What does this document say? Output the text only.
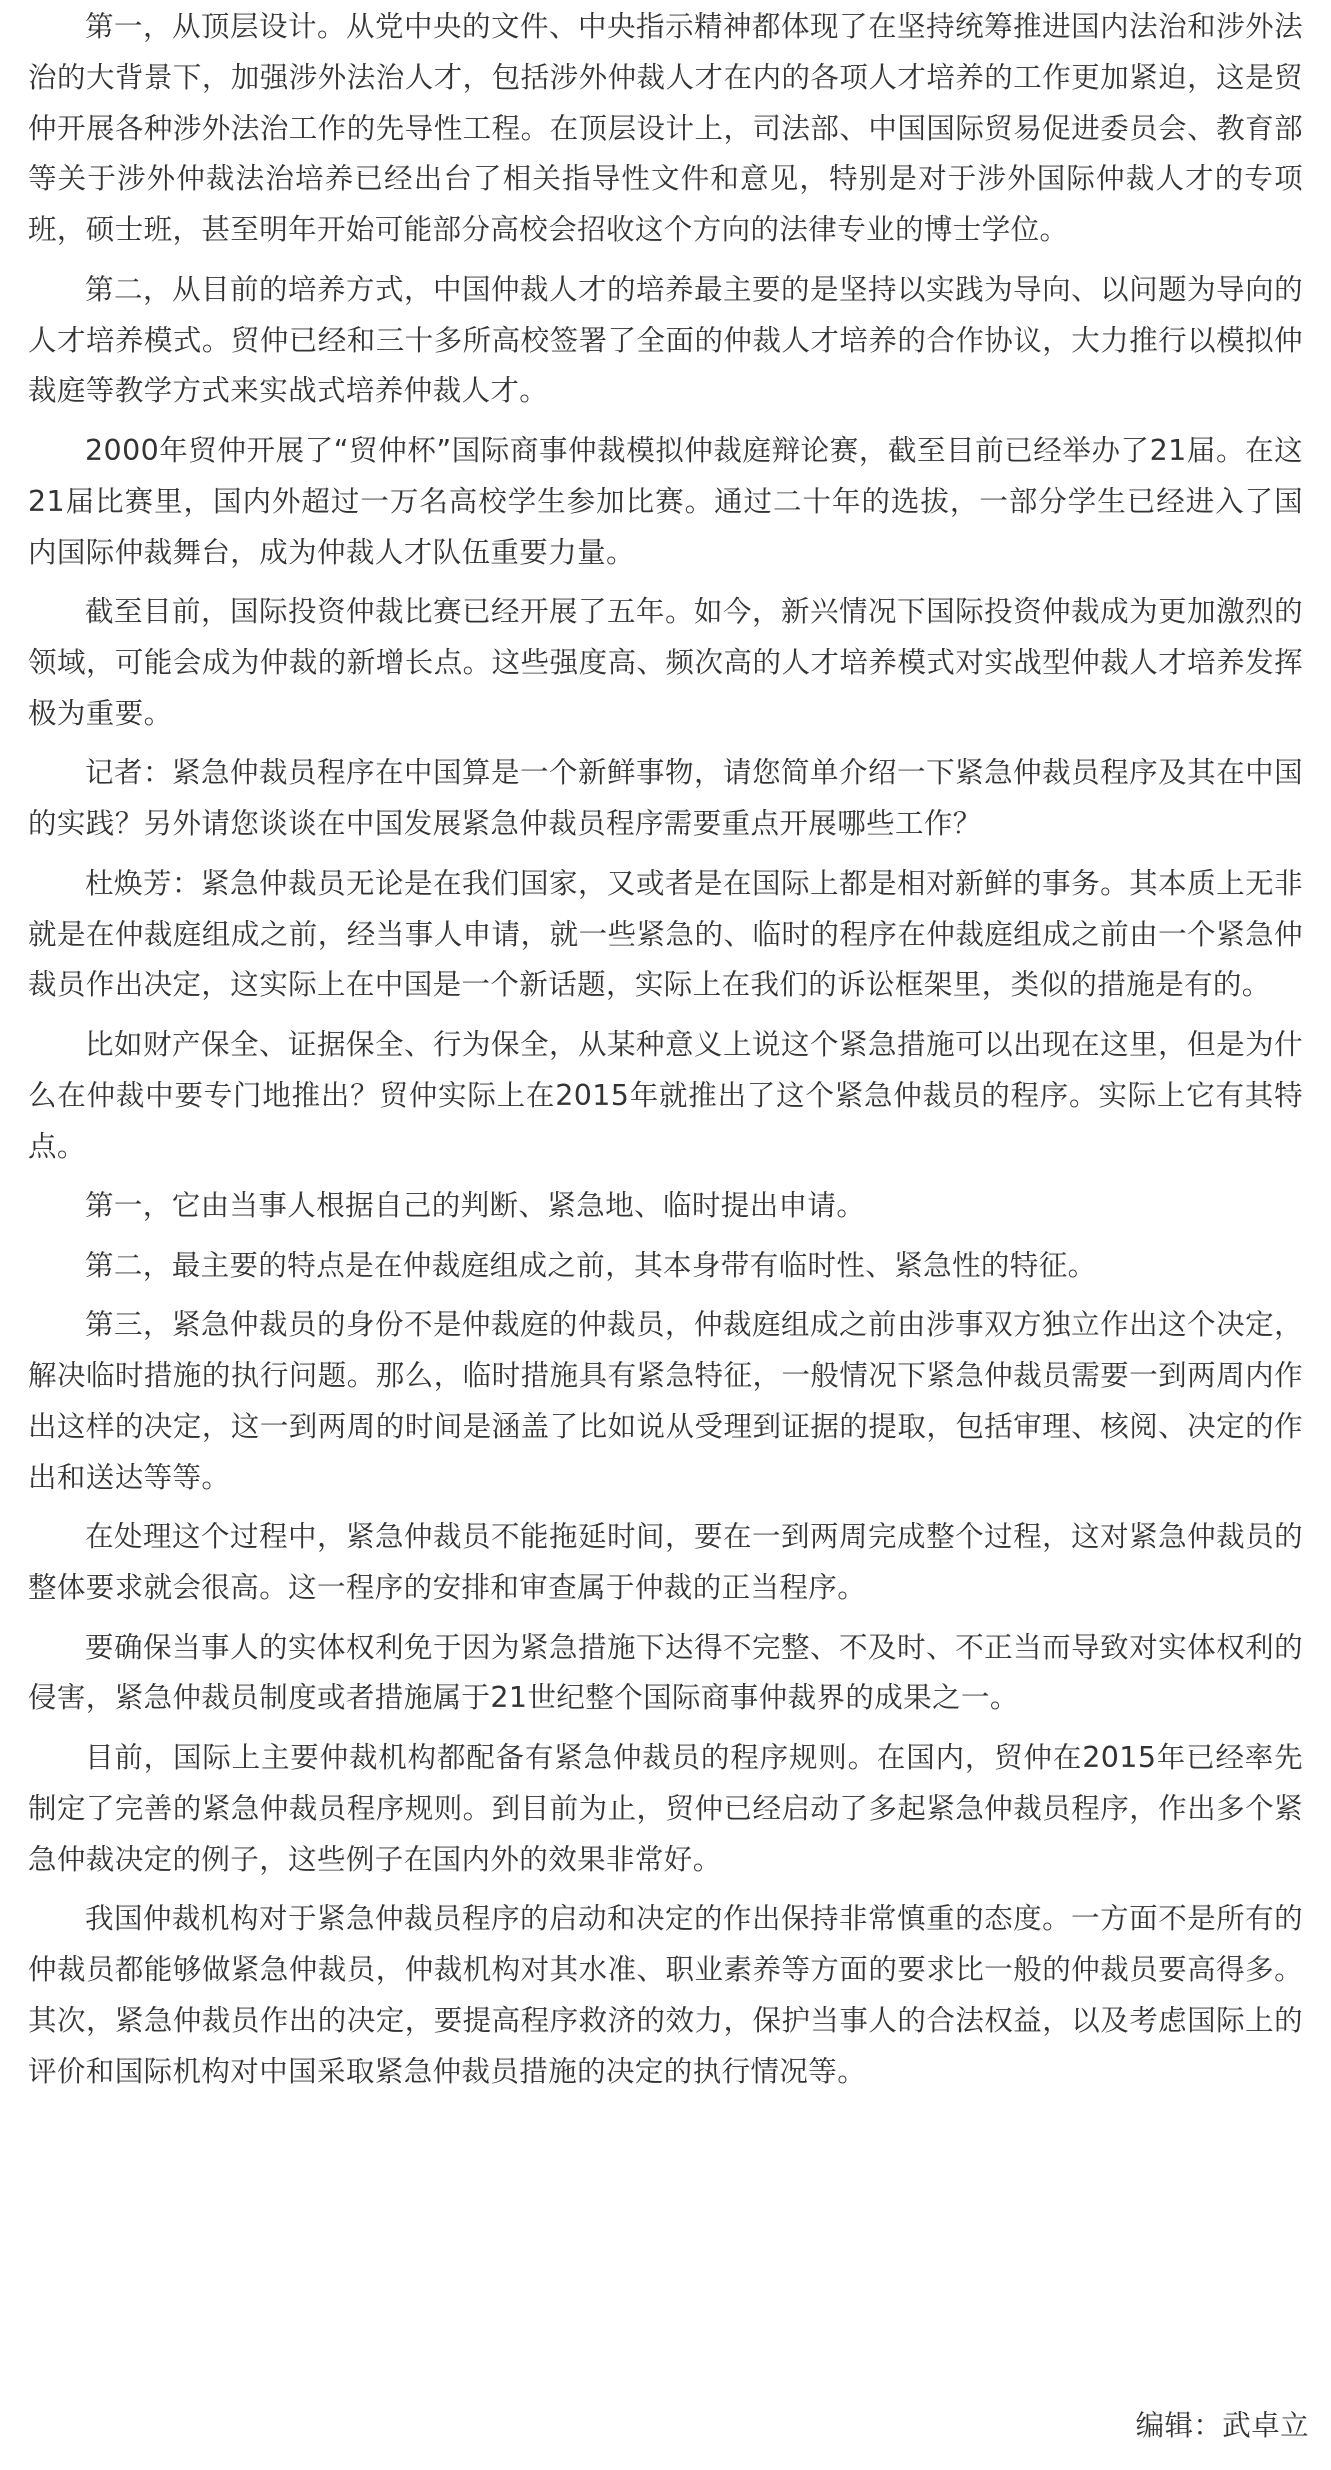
第一，从顶层设计。从党中央的文件、中央指示精神都体现了在坚持统筹推进国内法治和涉外法治的大背景下，加强涉外法治人才，包括涉外仲裁人才在内的各项人才培养的工作更加紧迫，这是贸仲开展各种涉外法治工作的先导性工程。在顶层设计上，司法部、中国国际贸易促进委员会、教育部等关于涉外仲裁法治培养已经出台了相关指导性文件和意见，特别是对于涉外国际仲裁人才的专项班，硕士班，甚至明年开始可能部分高校会招收这个方向的法律专业的博士学位。

第二，从目前的培养方式，中国仲裁人才的培养最主要的是坚持以实践为导向、以问题为导向的人才培养模式。贸仲已经和三十多所高校签署了全面的仲裁人才培养的合作协议，大力推行以模拟仲裁庭等教学方式来实战式培养仲裁人才。

2000年贸仲开展了“贸仲杯”国际商事仲裁模拟仲裁庭辩论赛，截至目前已经举办了21届。在这21届比赛里，国内外超过一万名高校学生参加比赛。通过二十年的选拔，一部分学生已经进入了国内国际仲裁舞台，成为仲裁人才队伍重要力量。

截至目前，国际投资仲裁比赛已经开展了五年。如今，新兴情况下国际投资仲裁成为更加激烈的领域，可能会成为仲裁的新增长点。这些强度高、频次高的人才培养模式对实战型仲裁人才培养发挥极为重要。

记者：紧急仲裁员程序在中国算是一个新鲜事物，请您简单介绍一下紧急仲裁员程序及其在中国的实践？另外请您谈谈在中国发展紧急仲裁员程序需要重点开展哪些工作？

杜焕芳：紧急仲裁员无论是在我们国家，又或者是在国际上都是相对新鲜的事务。其本质上无非就是在仲裁庭组成之前，经当事人申请，就一些紧急的、临时的程序在仲裁庭组成之前由一个紧急仲裁员作出决定，这实际上在中国是一个新话题，实际上在我们的诉讼框架里，类似的措施是有的。

比如财产保全、证据保全、行为保全，从某种意义上说这个紧急措施可以出现在这里，但是为什么在仲裁中要专门地推出？贸仲实际上在2015年就推出了这个紧急仲裁员的程序。实际上它有其特点。

第一，它由当事人根据自己的判断、紧急地、临时提出申请。

第二，最主要的特点是在仲裁庭组成之前，其本身带有临时性、紧急性的特征。

第三，紧急仲裁员的身份不是仲裁庭的仲裁员，仲裁庭组成之前由涉事双方独立作出这个决定，解决临时措施的执行问题。那么，临时措施具有紧急特征，一般情况下紧急仲裁员需要一到两周内作出这样的决定，这一到两周的时间是涵盖了比如说从受理到证据的提取，包括审理、核阅、决定的作出和送达等等。

在处理这个过程中，紧急仲裁员不能拖延时间，要在一到两周完成整个过程，这对紧急仲裁员的整体要求就会很高。这一程序的安排和审查属于仲裁的正当程序。

要确保当事人的实体权利免于因为紧急措施下达得不完整、不及时、不正当而导致对实体权利的侵害，紧急仲裁员制度或者措施属于21世纪整个国际商事仲裁界的成果之一。

目前，国际上主要仲裁机构都配备有紧急仲裁员的程序规则。在国内，贸仲在2015年已经率先制定了完善的紧急仲裁员程序规则。到目前为止，贸仲已经启动了多起紧急仲裁员程序，作出多个紧急仲裁决定的例子，这些例子在国内外的效果非常好。

我国仲裁机构对于紧急仲裁员程序的启动和决定的作出保持非常慎重的态度。一方面不是所有的仲裁员都能够做紧急仲裁员，仲裁机构对其水准、职业素养等方面的要求比一般的仲裁员要高得多。其次，紧急仲裁员作出的决定，要提高程序救济的效力，保护当事人的合法权益，以及考虑国际上的评价和国际机构对中国采取紧急仲裁员措施的决定的执行情况等。

编辑：武卓立
